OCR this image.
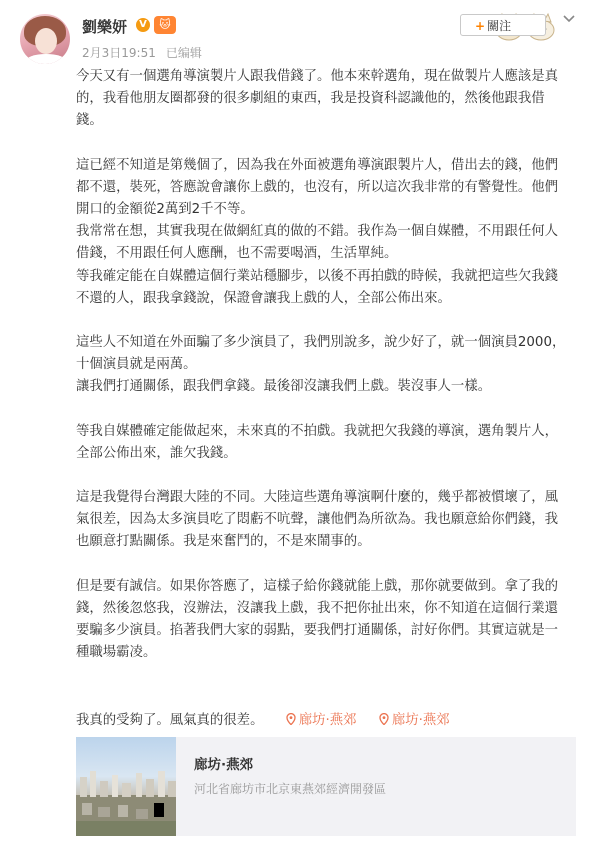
劉樂妍	V	🐱
2月3日19:51 已编辑
+ 關注

今天又有一個選角導演製片人跟我借錢了。他本來幹選角，現在做製片人應該是真的，我看他朋友圈都發的很多劇組的東西，我是投資科認識他的，然後他跟我借錢。

這已經不知道是第幾個了，因為我在外面被選角導演跟製片人，借出去的錢，他們都不還，裝死，答應說會讓你上戲的，也沒有，所以這次我非常的有警覺性。他們開口的金額從2萬到2千不等。

我常常在想，其實我現在做網紅真的做的不錯。我作為一個自媒體，不用跟任何人借錢，不用跟任何人應酬，也不需要喝酒，生活單純。

等我確定能在自媒體這個行業站穩腳步，以後不再拍戲的時候，我就把這些欠我錢不還的人，跟我拿錢說，保證會讓我上戲的人，全部公佈出來。

這些人不知道在外面騙了多少演員了，我們別說多，說少好了，就一個演員2000，十個演員就是兩萬。

讓我們打通關係，跟我們拿錢。最後卻沒讓我們上戲。裝沒事人一樣。

等我自媒體確定能做起來，未來真的不拍戲。我就把欠我錢的導演，選角製片人，全部公佈出來，誰欠我錢。

這是我覺得台灣跟大陸的不同。大陸這些選角導演啊什麼的，幾乎都被慣壞了，風氣很差，因為太多演員吃了悶虧不吭聲，讓他們為所欲為。我也願意給你們錢，我也願意打點關係。我是來奮鬥的，不是來鬧事的。

但是要有誠信。如果你答應了，這樣子給你錢就能上戲，那你就要做到。拿了我的錢，然後忽悠我，沒辦法，沒讓我上戲，我不把你扯出來，你不知道在這個行業還要騙多少演員。掐著我們大家的弱點，要我們打通關係，討好你們。其實這就是一種職場霸凌。

我真的受夠了。風氣真的很差。	廊坊·燕郊	廊坊·燕郊
廊坊·燕郊
河北省廊坊市北京東燕郊經濟開發區
